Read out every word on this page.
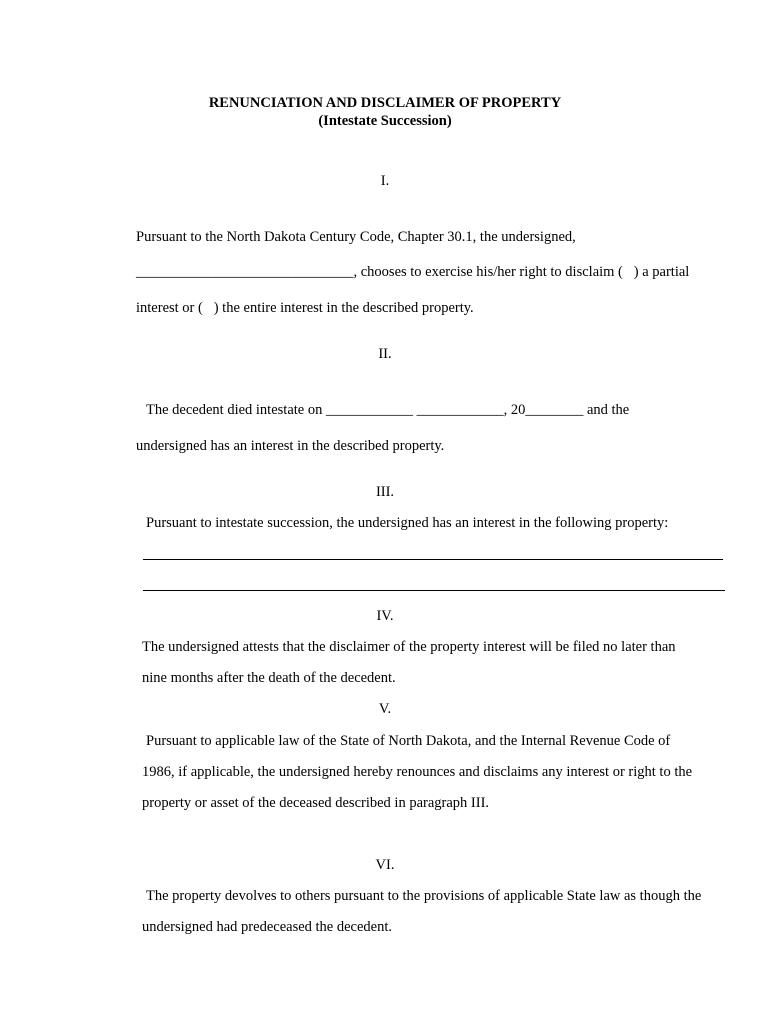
RENUNCIATION AND DISCLAIMER OF PROPERTY
(Intestate Succession)
I.
Pursuant to the North Dakota Century Code, Chapter 30.1, the undersigned,
______________________________, chooses to exercise his/her right to disclaim (   ) a partial
interest or (   ) the entire interest in the described property.
II.
The decedent died intestate on ____________ ____________, 20________ and the
undersigned has an interest in the described property.
III.
Pursuant to intestate succession, the undersigned has an interest in the following property:
IV.
The undersigned attests that the disclaimer of the property interest will be filed no later than
nine months after the death of the decedent.
V.
Pursuant to applicable law of the State of North Dakota, and the Internal Revenue Code of
1986, if applicable, the undersigned hereby renounces and disclaims any interest or right to the
property or asset of the deceased described in paragraph III.
VI.
The property devolves to others pursuant to the provisions of applicable State law as though the
undersigned had predeceased the decedent.
